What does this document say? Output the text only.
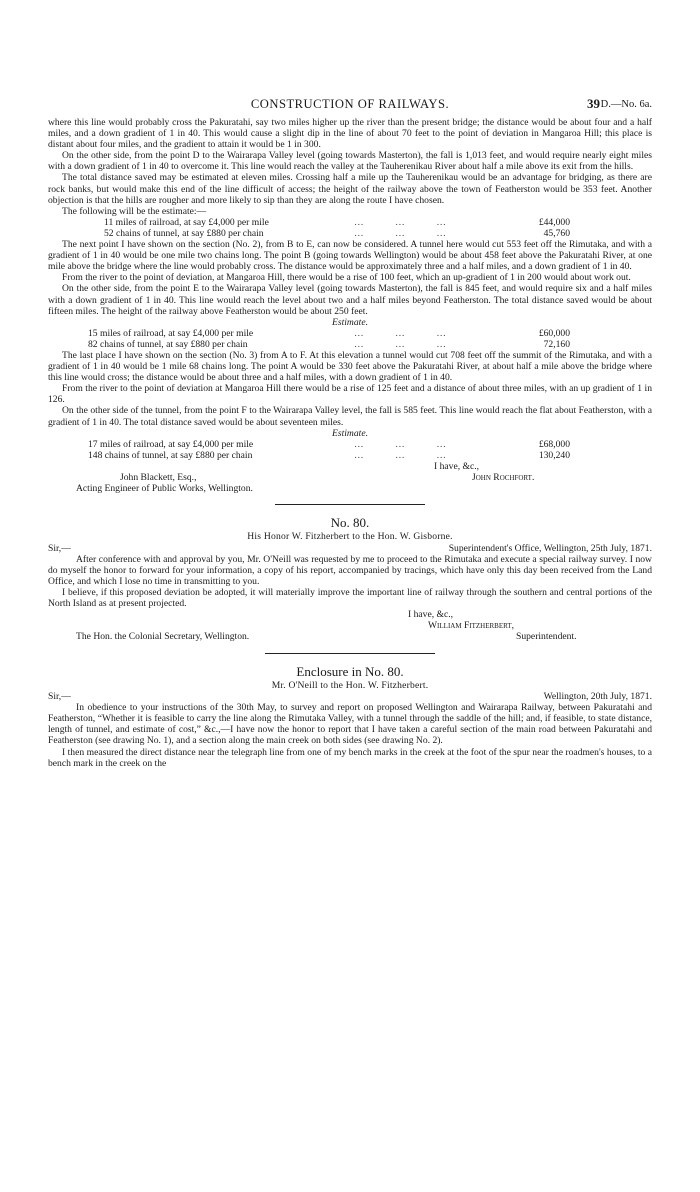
CONSTRUCTION OF RAILWAYS.	39 D.—No. 6a.

where this line would probably cross the Pakuratahi, say two miles higher up the river than the present bridge; the distance would be about four and a half miles, and a down gradient of 1 in 40. This would cause a slight dip in the line of about 70 feet to the point of deviation in Mangaroa Hill; this place is distant about four miles, and the gradient to attain it would be 1 in 300.

On the other side, from the point D to the Wairarapa Valley level (going towards Masterton), the fall is 1,013 feet, and would require nearly eight miles with a down gradient of 1 in 40 to overcome it. This line would reach the valley at the Tauherenikau River about half a mile above its exit from the hills.

The total distance saved may be estimated at eleven miles. Crossing half a mile up the Tauherenikau would be an advantage for bridging, as there are rock banks, but would make this end of the line difficult of access; the height of the railway above the town of Featherston would be 353 feet. Another objection is that the hills are rougher and more likely to sip than they are along the route I have chosen.

The following will be the estimate:—

11 miles of railroad, at say £4,000 per mile	…         …         …	£44,000
52 chains of tunnel, at say £880 per chain	…         …         …	45,760

The next point I have shown on the section (No. 2), from B to E, can now be considered. A tunnel here would cut 553 feet off the Rimutaka, and with a gradient of 1 in 40 would be one mile two chains long. The point B (going towards Wellington) would be about 458 feet above the Pakuratahi River, at one mile above the bridge where the line would probably cross. The distance would be approximately three and a half miles, and a down gradient of 1 in 40.

From the river to the point of deviation, at Mangaroa Hill, there would be a rise of 100 feet, which an up-gradient of 1 in 200 would about work out.

On the other side, from the point E to the Wairarapa Valley level (going towards Masterton), the fall is 845 feet, and would require six and a half miles with a down gradient of 1 in 40. This line would reach the level about two and a half miles beyond Featherston. The total distance saved would be about fifteen miles. The height of the railway above Featherston would be about 250 feet.

Estimate.

15 miles of railroad, at say £4,000 per mile	…         …         …	£60,000
82 chains of tunnel, at say £880 per chain	…         …         …	72,160

The last place I have shown on the section (No. 3) from A to F. At this elevation a tunnel would cut 708 feet off the summit of the Rimutaka, and with a gradient of 1 in 40 would be 1 mile 68 chains long. The point A would be 330 feet above the Pakuratahi River, at about half a mile above the bridge where this line would cross; the distance would be about three and a half miles, with a down gradient of 1 in 40.

From the river to the point of deviation at Mangaroa Hill there would be a rise of 125 feet and a distance of about three miles, with an up gradient of 1 in 126.

On the other side of the tunnel, from the point F to the Wairarapa Valley level, the fall is 585 feet. This line would reach the flat about Featherston, with a gradient of 1 in 40. The total distance saved would be about seventeen miles.

Estimate.

17 miles of railroad, at say £4,000 per mile	…         …         …	£68,000
148 chains of tunnel, at say £880 per chain	…         …         …	130,240
I have, &c.,
John Blackett, Esq.,	John Rochfort.
Acting Engineer of Public Works, Wellington.
No. 80.
His Honor W. Fitzherbert to the Hon. W. Gisborne.
Sir,—	Superintendent's Office, Wellington, 25th July, 1871.

After conference with and approval by you, Mr. O'Neill was requested by me to proceed to the Rimutaka and execute a special railway survey. I now do myself the honor to forward for your information, a copy of his report, accompanied by tracings, which have only this day been received from the Land Office, and which I lose no time in transmitting to you.

I believe, if this proposed deviation be adopted, it will materially improve the important line of railway through the southern and central portions of the North Island as at present projected.

I have, &c.,
William Fitzherbert,
The Hon. the Colonial Secretary, Wellington.	Superintendent.
Enclosure in No. 80.
Mr. O'Neill to the Hon. W. Fitzherbert.
Sir,—	Wellington, 20th July, 1871.

In obedience to your instructions of the 30th May, to survey and report on proposed Wellington and Wairarapa Railway, between Pakuratahi and Featherston, “Whether it is feasible to carry the line along the Rimutaka Valley, with a tunnel through the saddle of the hill; and, if feasible, to state distance, length of tunnel, and estimate of cost,” &c.,—I have now the honor to report that I have taken a careful section of the main road between Pakuratahi and Featherston (see drawing No. 1), and a section along the main creek on both sides (see drawing No. 2).

I then measured the direct distance near the telegraph line from one of my bench marks in the creek at the foot of the spur near the roadmen's houses, to a bench mark in the creek on the
